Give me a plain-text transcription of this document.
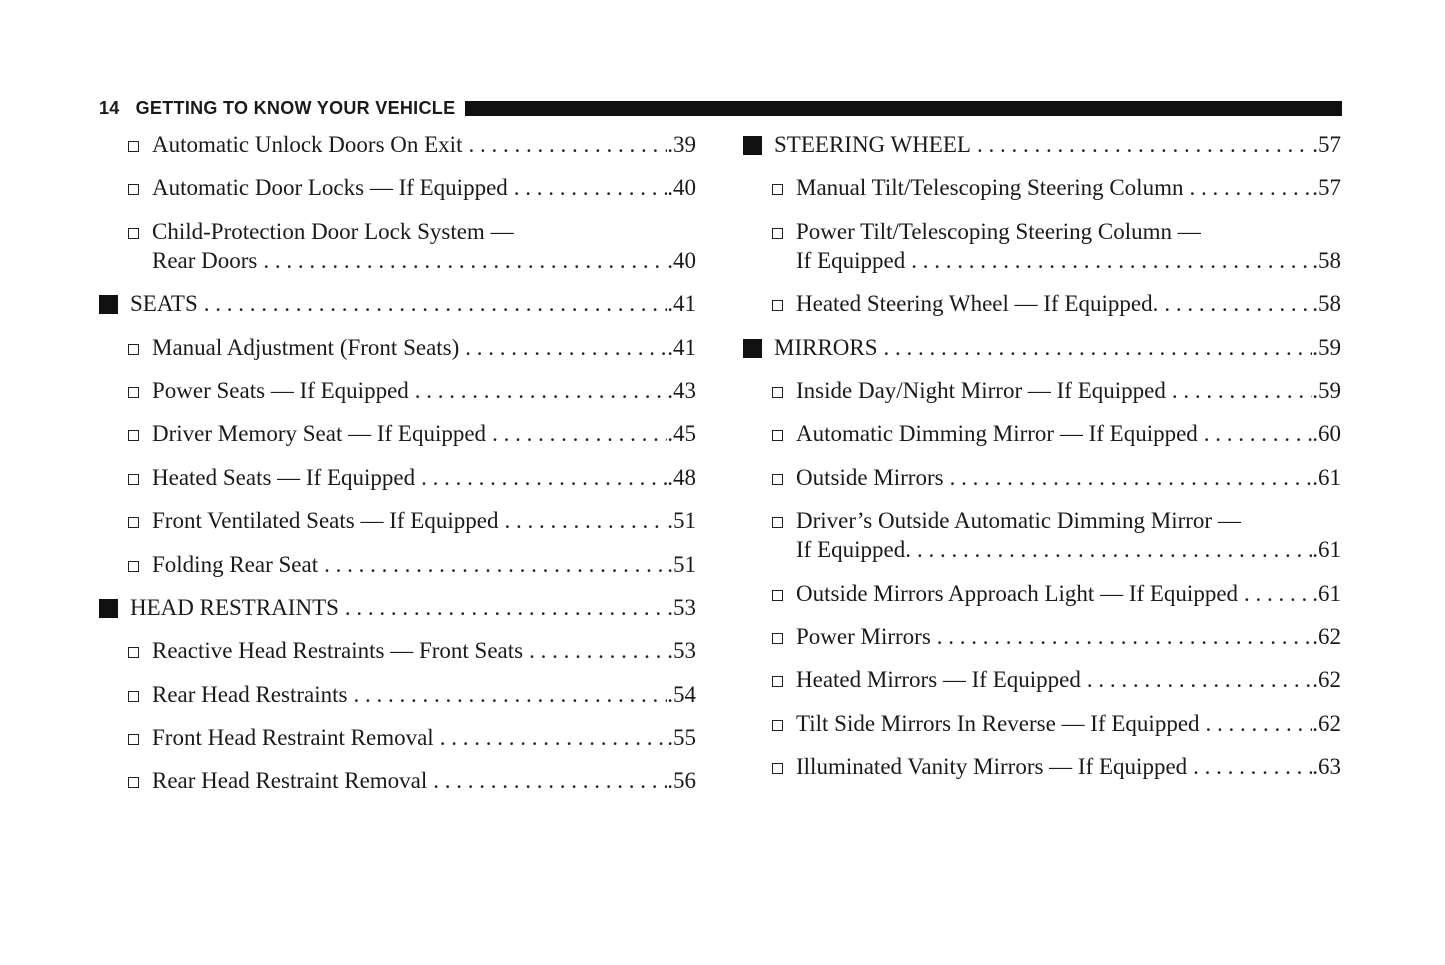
14 GETTING TO KNOW YOUR VEHICLE
Automatic Unlock Doors On Exit . . .	.39
Automatic Door Locks — If Equipped . . .	.40
Child-Protection Door Lock System —
Rear Doors . . .	.40
SEATS . . .	.41
Manual Adjustment (Front Seats) . . .	.41
Power Seats — If Equipped . . .	.43
Driver Memory Seat — If Equipped . . .	.45
Heated Seats — If Equipped . . .	.48
Front Ventilated Seats — If Equipped . . .	.51
Folding Rear Seat . . .	.51
HEAD RESTRAINTS . . .	.53
Reactive Head Restraints — Front Seats . . .	.53
Rear Head Restraints . . .	.54
Front Head Restraint Removal . . .	.55
Rear Head Restraint Removal . . .	.56
STEERING WHEEL . . .	.57
Manual Tilt/Telescoping Steering Column . . .	.57
Power Tilt/Telescoping Steering Column —
If Equipped . . .	.58
Heated Steering Wheel — If Equipped. . . .	.58
MIRRORS . . .	.59
Inside Day/Night Mirror — If Equipped . . .	.59
Automatic Dimming Mirror — If Equipped . . .	.60
Outside Mirrors . . .	.61
Driver’s Outside Automatic Dimming Mirror —
If Equipped. . . .	.61
Outside Mirrors Approach Light — If Equipped . . .	.61
Power Mirrors . . .	.62
Heated Mirrors — If Equipped . . .	.62
Tilt Side Mirrors In Reverse — If Equipped . . .	.62
Illuminated Vanity Mirrors — If Equipped . . .	.63
